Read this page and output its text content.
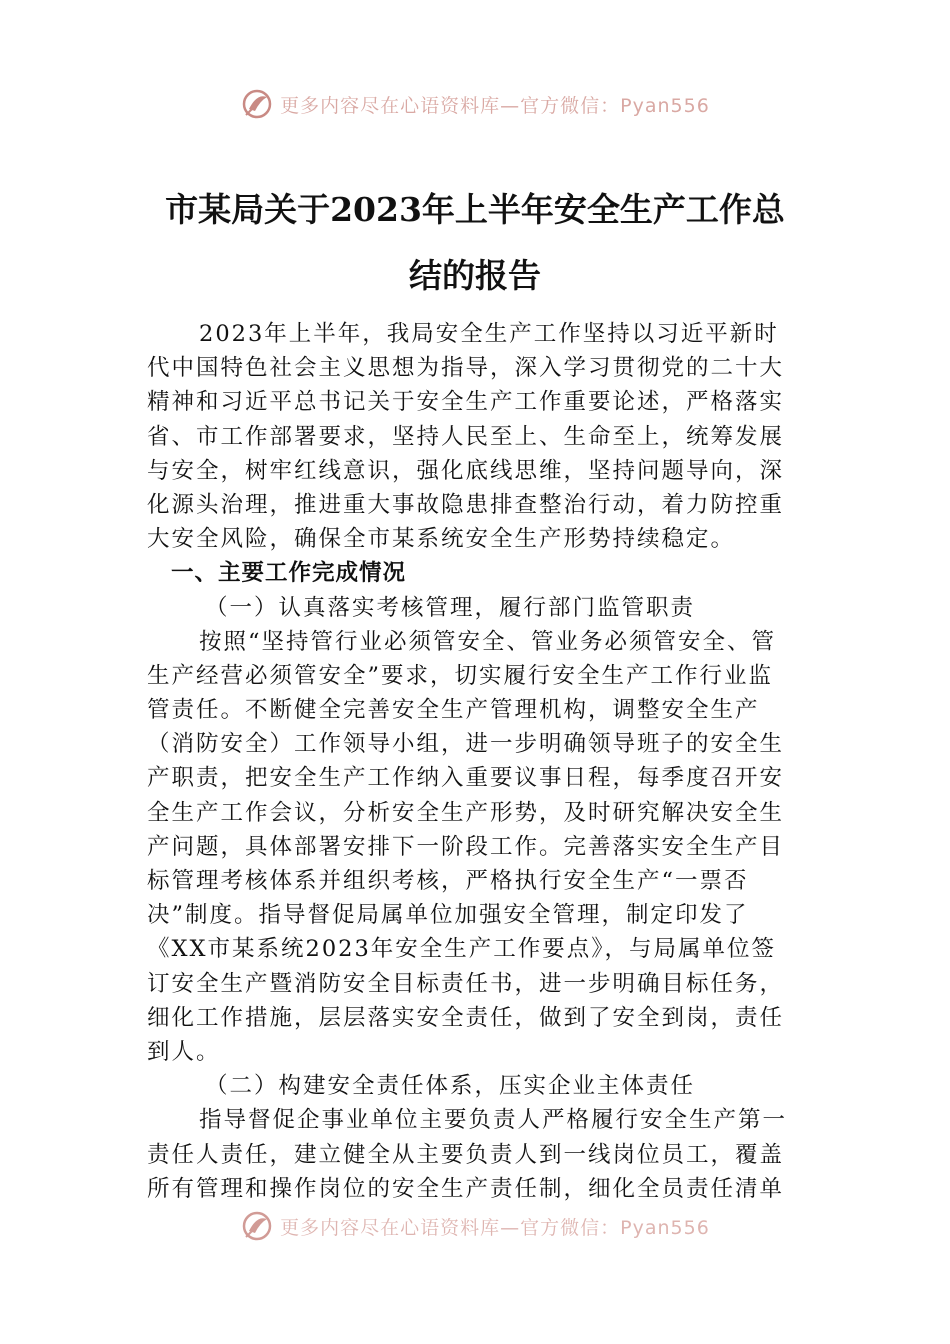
更多内容尽在心语资料库—官方微信：Pyan556
市某局关于2023年上半年安全生产工作总
结的报告
2023年上半年，我局安全生产工作坚持以习近平新时
代中国特色社会主义思想为指导，深入学习贯彻党的二十大
精神和习近平总书记关于安全生产工作重要论述，严格落实
省、市工作部署要求，坚持人民至上、生命至上，统筹发展
与安全，树牢红线意识，强化底线思维，坚持问题导向，深
化源头治理，推进重大事故隐患排查整治行动，着力防控重
大安全风险，确保全市某系统安全生产形势持续稳定。
一、主要工作完成情况
（一）认真落实考核管理，履行部门监管职责
按照“坚持管行业必须管安全、管业务必须管安全、管
生产经营必须管安全”要求，切实履行安全生产工作行业监
管责任。不断健全完善安全生产管理机构，调整安全生产
（消防安全）工作领导小组，进一步明确领导班子的安全生
产职责，把安全生产工作纳入重要议事日程，每季度召开安
全生产工作会议，分析安全生产形势，及时研究解决安全生
产问题，具体部署安排下一阶段工作。完善落实安全生产目
标管理考核体系并组织考核，严格执行安全生产“一票否
决”制度。指导督促局属单位加强安全管理，制定印发了
《XX市某系统2023年安全生产工作要点》，与局属单位签
订安全生产暨消防安全目标责任书，进一步明确目标任务，
细化工作措施，层层落实安全责任，做到了安全到岗，责任
到人。
（二）构建安全责任体系，压实企业主体责任
指导督促企事业单位主要负责人严格履行安全生产第一
责任人责任，建立健全从主要负责人到一线岗位员工，覆盖
所有管理和操作岗位的安全生产责任制，细化全员责任清单
更多内容尽在心语资料库—官方微信：Pyan556
